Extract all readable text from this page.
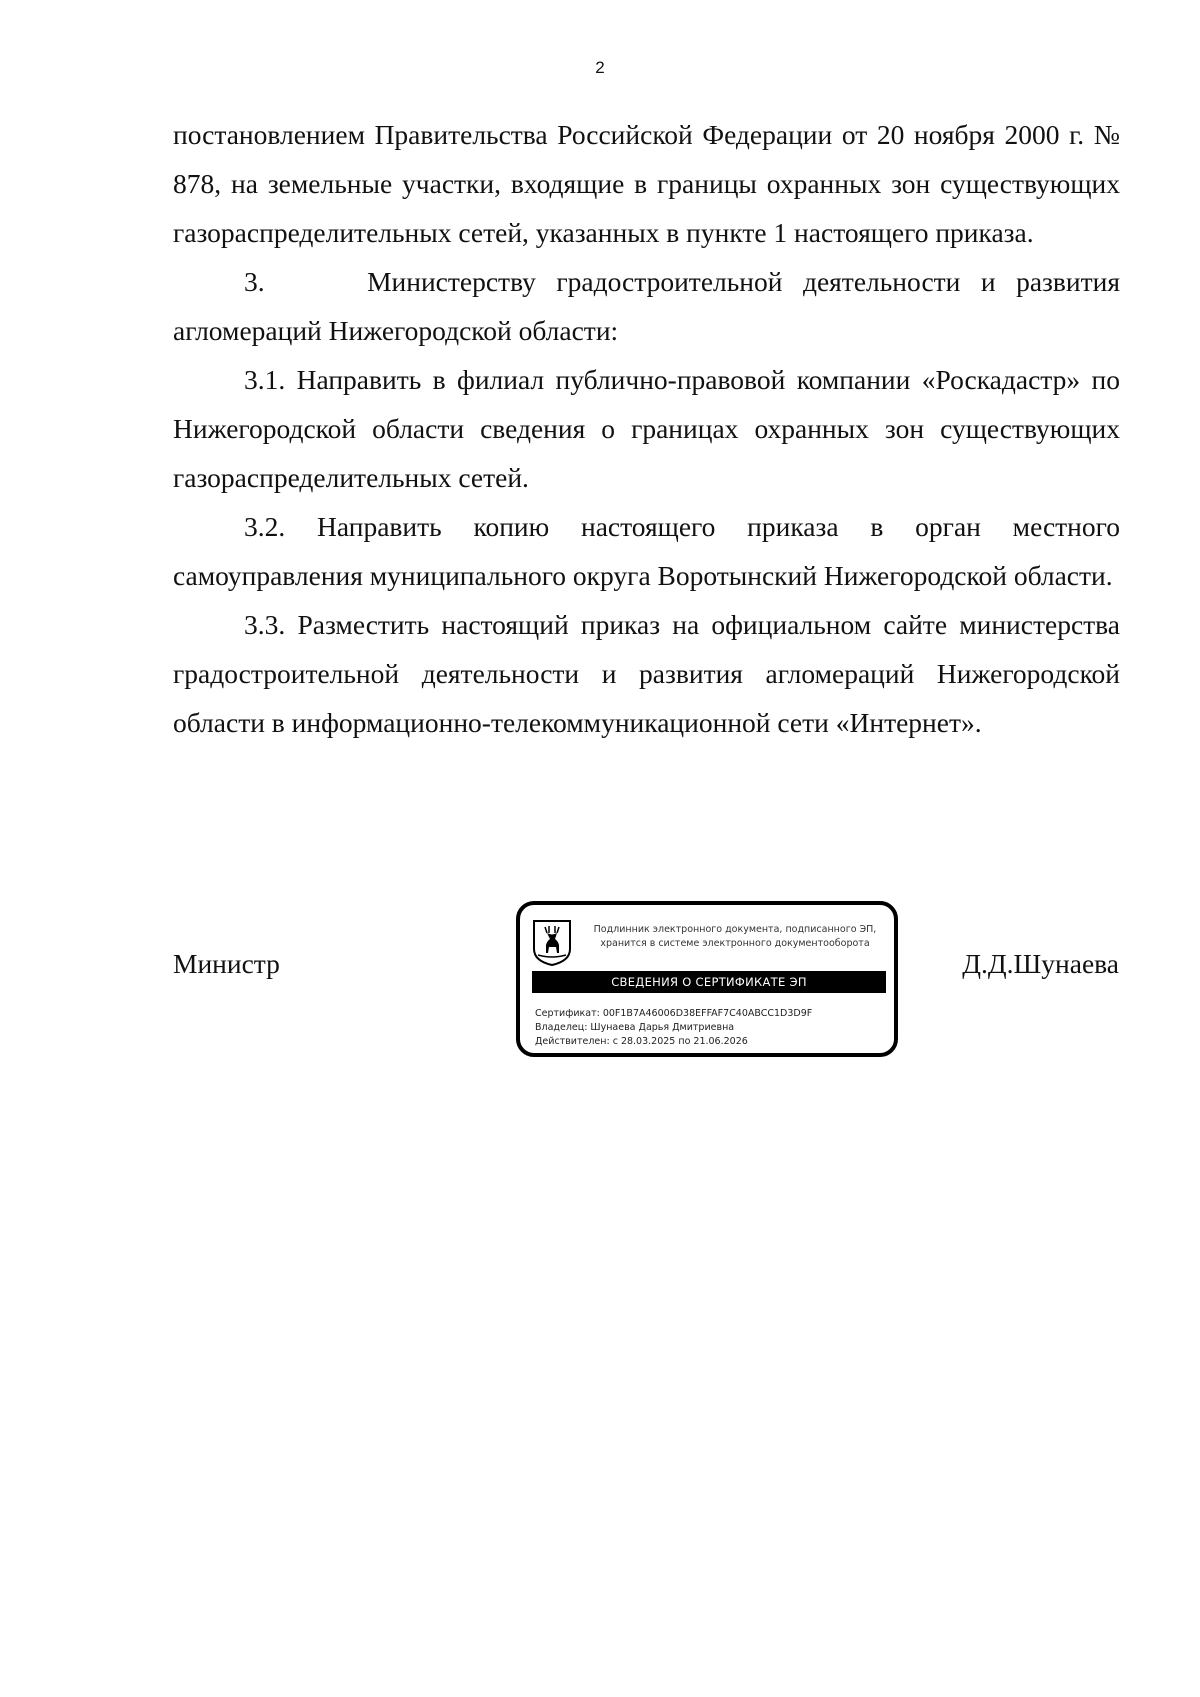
2

постановлением Правительства Российской Федерации от 20 ноября 2000 г. № 878, на земельные участки, входящие в границы охранных зон существующих газораспределительных сетей, указанных в пункте 1 настоящего приказа.

3.     Министерству градостроительной деятельности и развития агломераций Нижегородской области:

3.1. Направить в филиал публично-правовой компании «Роскадастр» по Нижегородской области сведения о границах охранных зон существующих газораспределительных сетей.

3.2. Направить копию настоящего приказа в орган местного самоуправления муниципального округа Воротынский Нижегородской области.

3.3. Разместить настоящий приказ на официальном сайте министерства градостроительной деятельности и развития агломераций Нижегородской области в информационно-телекоммуникационной сети «Интернет».

Министр
Подлинник электронного документа, подписанного ЭП,
хранится в системе электронного документооборота
СВЕДЕНИЯ О СЕРТИФИКАТЕ ЭП
Сертификат: 00F1B7A46006D38EFFAF7C40ABCC1D3D9F
Владелец: Шунаева Дарья Дмитриевна
Действителен: с 28.03.2025 по 21.06.2026
Д.Д.Шунаева
